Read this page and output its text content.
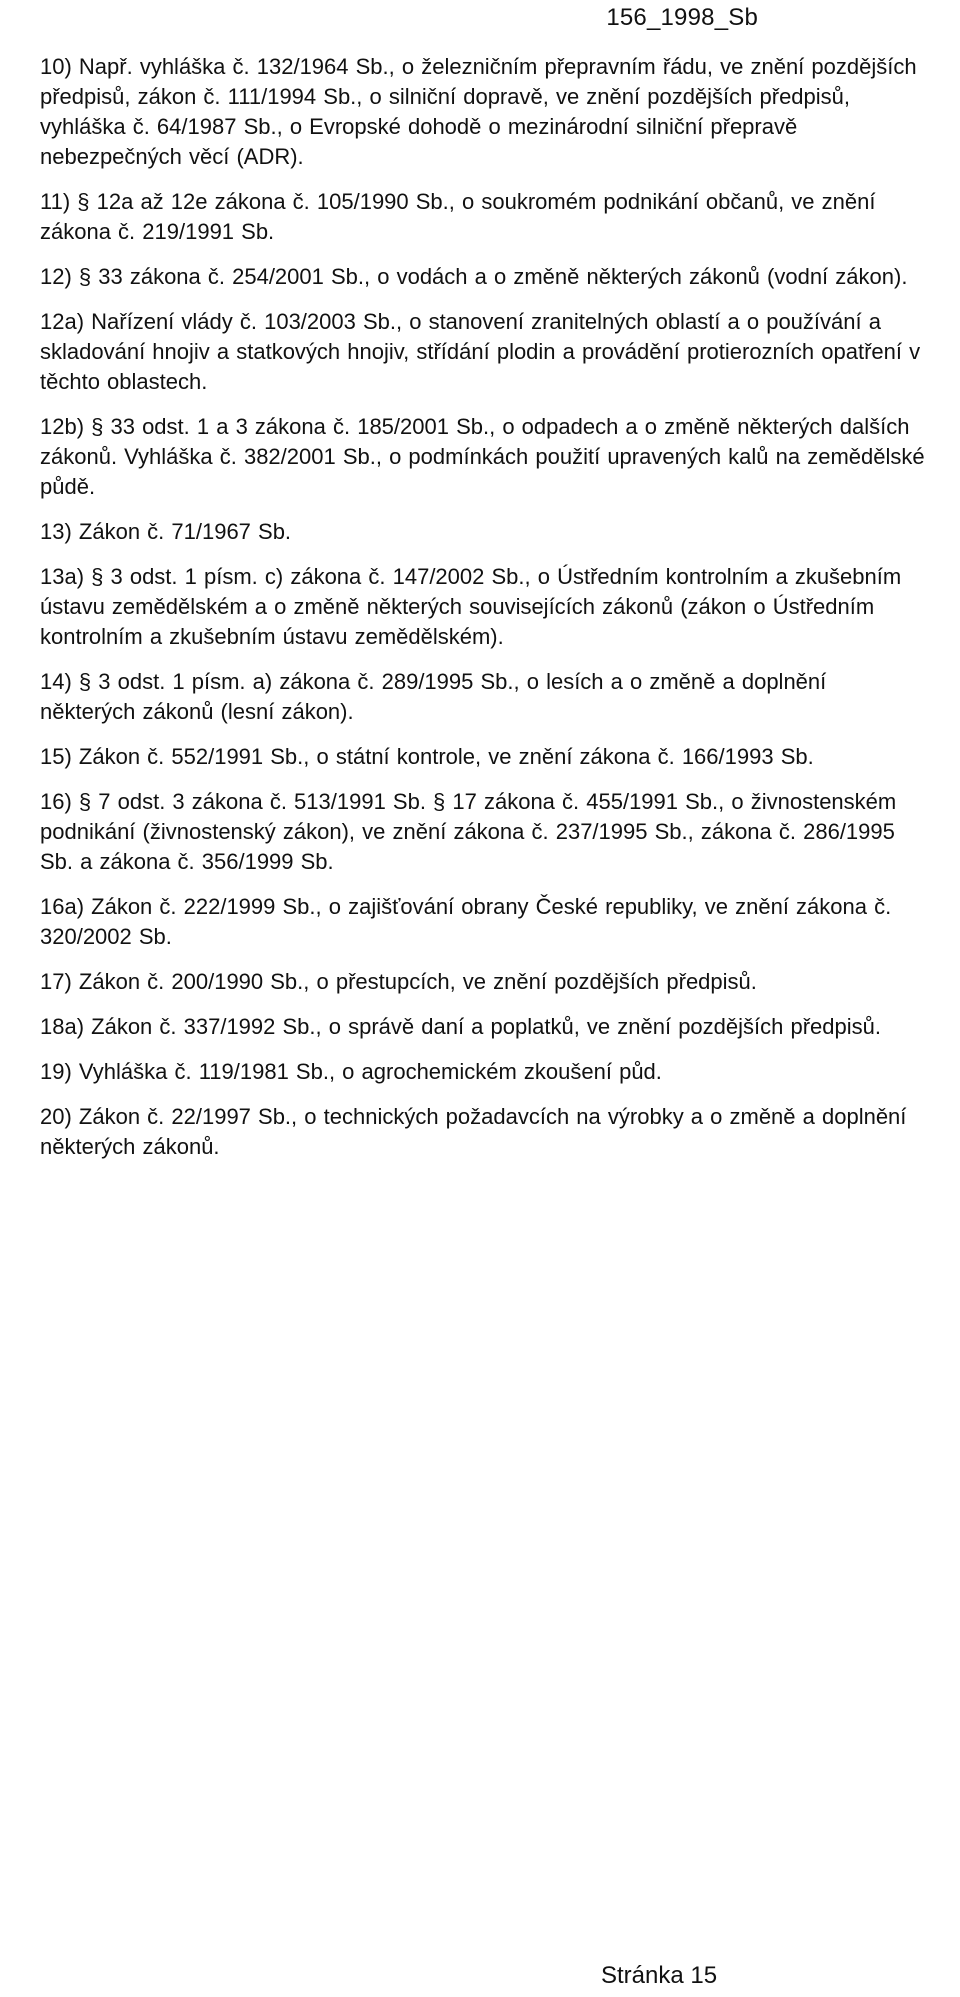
156_1998_Sb

10) Např. vyhláška č. 132/1964 Sb., o železničním přepravním řádu, ve znění pozdějších předpisů, zákon č. 111/1994 Sb., o silniční dopravě, ve znění pozdějších předpisů, vyhláška č. 64/1987 Sb., o Evropské dohodě o mezinárodní silniční přepravě nebezpečných věcí (ADR).

11) § 12a až 12e zákona č. 105/1990 Sb., o soukromém podnikání občanů, ve znění zákona č. 219/1991 Sb.

12) § 33 zákona č. 254/2001 Sb., o vodách a o změně některých zákonů (vodní zákon).

12a) Nařízení vlády č. 103/2003 Sb., o stanovení zranitelných oblastí a o používání a skladování hnojiv a statkových hnojiv, střídání plodin a provádění protierozních opatření v těchto oblastech.

12b) § 33 odst. 1 a 3 zákona č. 185/2001 Sb., o odpadech a o změně některých dalších zákonů. Vyhláška č. 382/2001 Sb., o podmínkách použití upravených kalů na zemědělské půdě.

13) Zákon č. 71/1967 Sb.

13a) § 3 odst. 1 písm. c) zákona č. 147/2002 Sb., o Ústředním kontrolním a zkušebním ústavu zemědělském a o změně některých souvisejících zákonů (zákon o Ústředním kontrolním a zkušebním ústavu zemědělském).

14) § 3 odst. 1 písm. a) zákona č. 289/1995 Sb., o lesích a o změně a doplnění některých zákonů (lesní zákon).

15) Zákon č. 552/1991 Sb., o státní kontrole, ve znění zákona č. 166/1993 Sb.

16) § 7 odst. 3 zákona č. 513/1991 Sb. § 17 zákona č. 455/1991 Sb., o živnostenském podnikání (živnostenský zákon), ve znění zákona č. 237/1995 Sb., zákona č. 286/1995 Sb. a zákona č. 356/1999 Sb.

16a) Zákon č. 222/1999 Sb., o zajišťování obrany České republiky, ve znění zákona č. 320/2002 Sb.

17) Zákon č. 200/1990 Sb., o přestupcích, ve znění pozdějších předpisů.

18a) Zákon č. 337/1992 Sb., o správě daní a poplatků, ve znění pozdějších předpisů.

19) Vyhláška č. 119/1981 Sb., o agrochemickém zkoušení půd.

20) Zákon č. 22/1997 Sb., o technických požadavcích na výrobky a o změně a doplnění některých zákonů.

Stránka 15
